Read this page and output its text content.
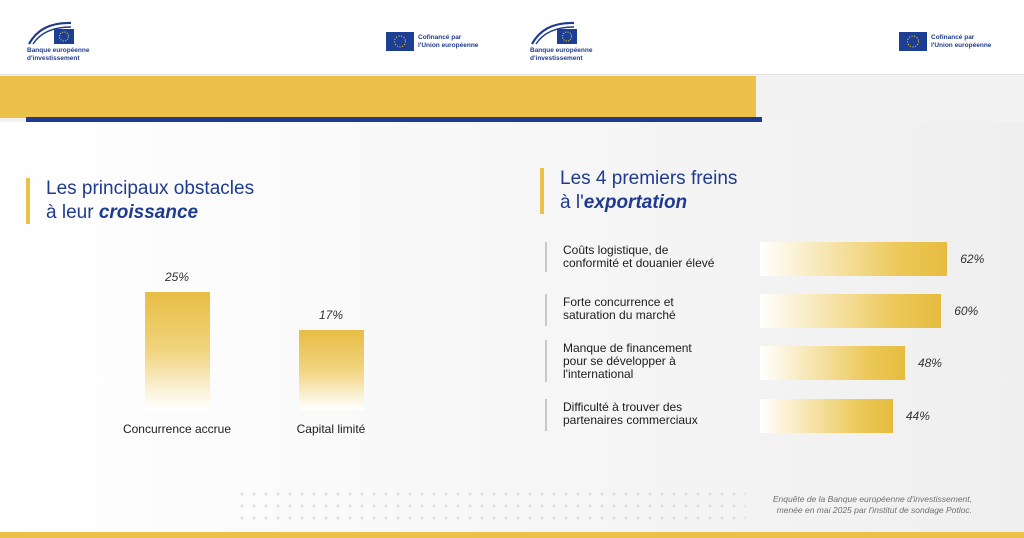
Banque européenne
d'investissement
Cofinancé par
l'Union européenne
Banque européenne
d'investissement
Cofinancé par
l'Union européenne
Les principaux obstacles
à leur croissance
25%
Concurrence accrue
17%
Capital limité
Les 4 premiers freins
à l'exportation
Coûts logistique, de
conformité et douanier élevé	62%
Forte concurrence et
saturation du marché	60%
Manque de financement
pour se développer à
l'international
48%
Difficulté à trouver des
partenaires commerciaux	44%
Enquête de la Banque européenne d'investissement,
menée en mai 2025 par l'institut de sondage Potloc.
